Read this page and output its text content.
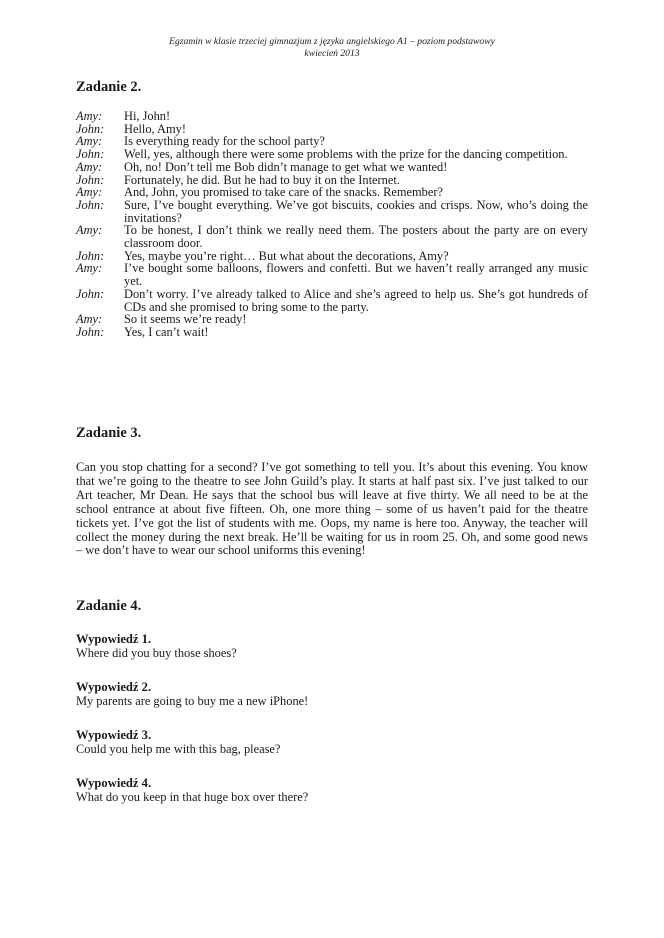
Egzamin w klasie trzeciej gimnazjum z języka angielskiego A1 – poziom podstawowy
kwiecień 2013
Zadanie 2.
Amy:	Hi, John!
John:	Hello, Amy!
Amy:	Is everything ready for the school party?
John:	Well, yes, although there were some problems with the prize for the dancing competition.
Amy:	Oh, no! Don’t tell me Bob didn’t manage to get what we wanted!
John:	Fortunately, he did. But he had to buy it on the Internet.
Amy:	And, John, you promised to take care of the snacks. Remember?
John:	Sure, I’ve bought everything. We’ve got biscuits, cookies and crisps. Now, who’s doing the invitations?
Amy:	To be honest, I don’t think we really need them. The posters about the party are on every classroom door.
John:	Yes, maybe you’re right… But what about the decorations, Amy?
Amy:	I’ve bought some balloons, flowers and confetti. But we haven’t really arranged any music yet.
John:	Don’t worry. I’ve already talked to Alice and she’s agreed to help us. She’s got hundreds of CDs and she promised to bring some to the party.
Amy:	So it seems we’re ready!
John:	Yes, I can’t wait!
Zadanie 3.

Can you stop chatting for a second? I’ve got something to tell you. It’s about this evening. You know that we’re going to the theatre to see John Guild’s play. It starts at half past six. I’ve just talked to our Art teacher, Mr Dean. He says that the school bus will leave at five thirty. We all need to be at the school entrance at about five fifteen. Oh, one more thing – some of us haven’t paid for the theatre tickets yet. I’ve got the list of students with me. Oops, my name is here too. Anyway, the teacher will collect the money during the next break. He’ll be waiting for us in room 25. Oh, and some good news – we don’t have to wear our school uniforms this evening!

Zadanie 4.
Wypowiedź 1.
Where did you buy those shoes?
Wypowiedź 2.
My parents are going to buy me a new iPhone!
Wypowiedź 3.
Could you help me with this bag, please?
Wypowiedź 4.
What do you keep in that huge box over there?
